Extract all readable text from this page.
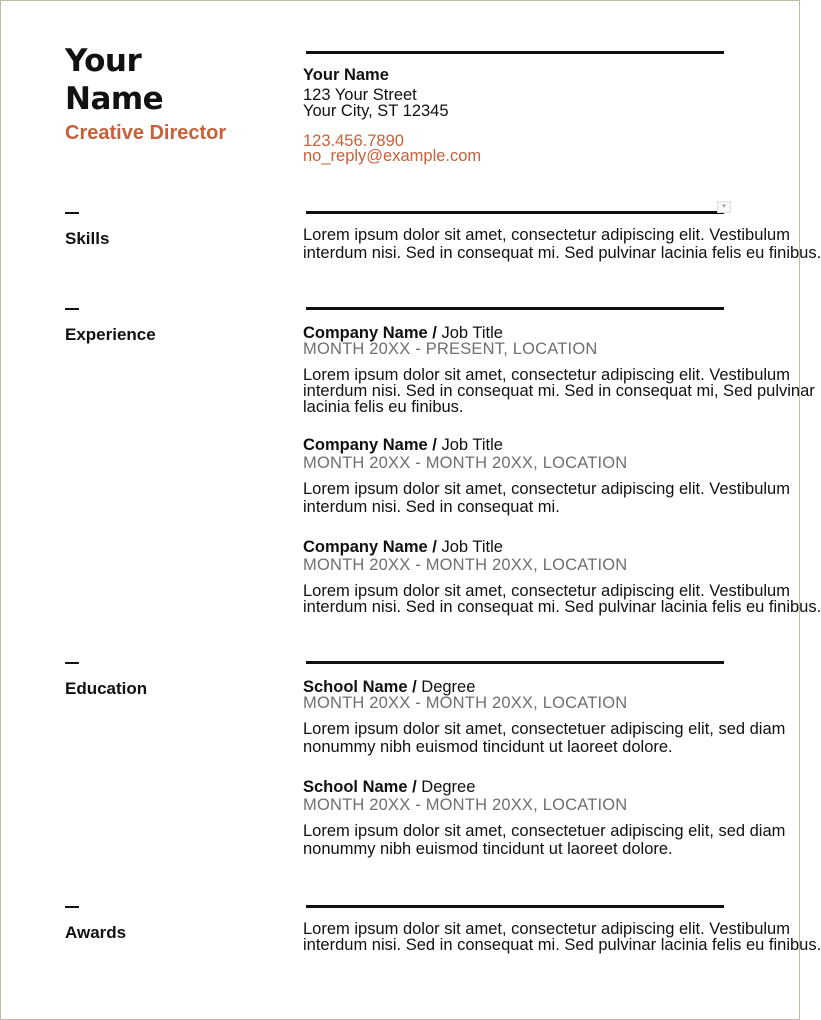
Your
Name
Creative Director
Your Name
123 Your Street
Your City, ST 12345
123.456.7890
no_reply@example.com
Skills
▾
Lorem ipsum dolor sit amet, consectetur adipiscing elit. Vestibulum
interdum nisi. Sed in consequat mi. Sed pulvinar lacinia felis eu finibus.
Experience	Company Name / Job Title
MONTH 20XX - PRESENT, LOCATION
Lorem ipsum dolor sit amet, consectetur adipiscing elit. Vestibulum
interdum nisi. Sed in consequat mi. Sed in consequat mi, Sed pulvinar
lacinia felis eu finibus.
Company Name / Job Title
MONTH 20XX - MONTH 20XX, LOCATION
Lorem ipsum dolor sit amet, consectetur adipiscing elit. Vestibulum
interdum nisi. Sed in consequat mi.
Company Name / Job Title
MONTH 20XX - MONTH 20XX, LOCATION
Lorem ipsum dolor sit amet, consectetur adipiscing elit. Vestibulum
interdum nisi. Sed in consequat mi. Sed pulvinar lacinia felis eu finibus.
Education	School Name / Degree
MONTH 20XX - MONTH 20XX, LOCATION
Lorem ipsum dolor sit amet, consectetuer adipiscing elit, sed diam
nonummy nibh euismod tincidunt ut laoreet dolore.
School Name / Degree
MONTH 20XX - MONTH 20XX, LOCATION
Lorem ipsum dolor sit amet, consectetuer adipiscing elit, sed diam
nonummy nibh euismod tincidunt ut laoreet dolore.
Awards	Lorem ipsum dolor sit amet, consectetur adipiscing elit. Vestibulum
interdum nisi. Sed in consequat mi. Sed pulvinar lacinia felis eu finibus.
